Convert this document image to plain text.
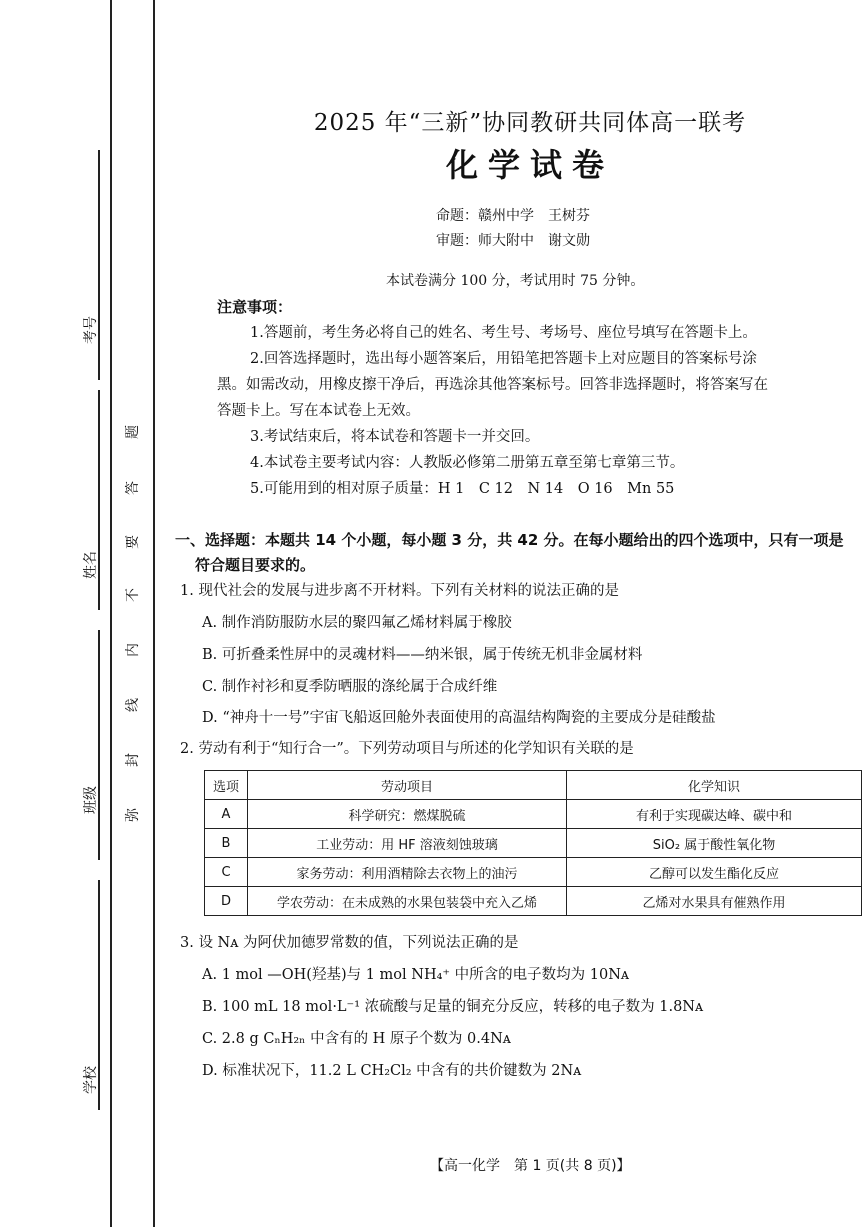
考号
姓名
班级
学校
题
答
要
不
内
线
封
弥
2025 年“三新”协同教研共同体高一联考
化学试卷
命题：赣州中学　王树芬
审题：师大附中　谢文勋
本试卷满分 100 分，考试用时 75 分钟。
注意事项：
1.答题前，考生务必将自己的姓名、考生号、考场号、座位号填写在答题卡上。
2.回答选择题时，选出每小题答案后，用铅笔把答题卡上对应题目的答案标号涂
黑。如需改动，用橡皮擦干净后，再选涂其他答案标号。回答非选择题时，将答案写在
答题卡上。写在本试卷上无效。
3.考试结束后，将本试卷和答题卡一并交回。
4.本试卷主要考试内容：人教版必修第二册第五章至第七章第三节。
5.可能用到的相对原子质量：H 1　C 12　N 14　O 16　Mn 55
一、选择题：本题共 14 个小题，每小题 3 分，共 42 分。在每小题给出的四个选项中，只有一项是
符合题目要求的。
1. 现代社会的发展与进步离不开材料。下列有关材料的说法正确的是
A. 制作消防服防水层的聚四氟乙烯材料属于橡胶
B. 可折叠柔性屏中的灵魂材料——纳米银，属于传统无机非金属材料
C. 制作衬衫和夏季防晒服的涤纶属于合成纤维
D. “神舟十一号”宇宙飞船返回舱外表面使用的高温结构陶瓷的主要成分是硅酸盐
2. 劳动有利于“知行合一”。下列劳动项目与所述的化学知识有关联的是
选项	劳动项目	化学知识
A	科学研究：燃煤脱硫	有利于实现碳达峰、碳中和
B	工业劳动：用 HF 溶液刻蚀玻璃	SiO₂ 属于酸性氧化物
C	家务劳动：利用酒精除去衣物上的油污	乙醇可以发生酯化反应
D	学农劳动：在未成熟的水果包装袋中充入乙烯	乙烯对水果具有催熟作用
3. 设 Nᴀ 为阿伏加德罗常数的值，下列说法正确的是
A. 1 mol —OH(羟基)与 1 mol NH₄⁺ 中所含的电子数均为 10Nᴀ
B. 100 mL 18 mol·L⁻¹ 浓硫酸与足量的铜充分反应，转移的电子数为 1.8Nᴀ
C. 2.8 g CₙH₂ₙ 中含有的 H 原子个数为 0.4Nᴀ
D. 标准状况下，11.2 L CH₂Cl₂ 中含有的共价键数为 2Nᴀ
【高一化学　第 1 页(共 8 页)】
